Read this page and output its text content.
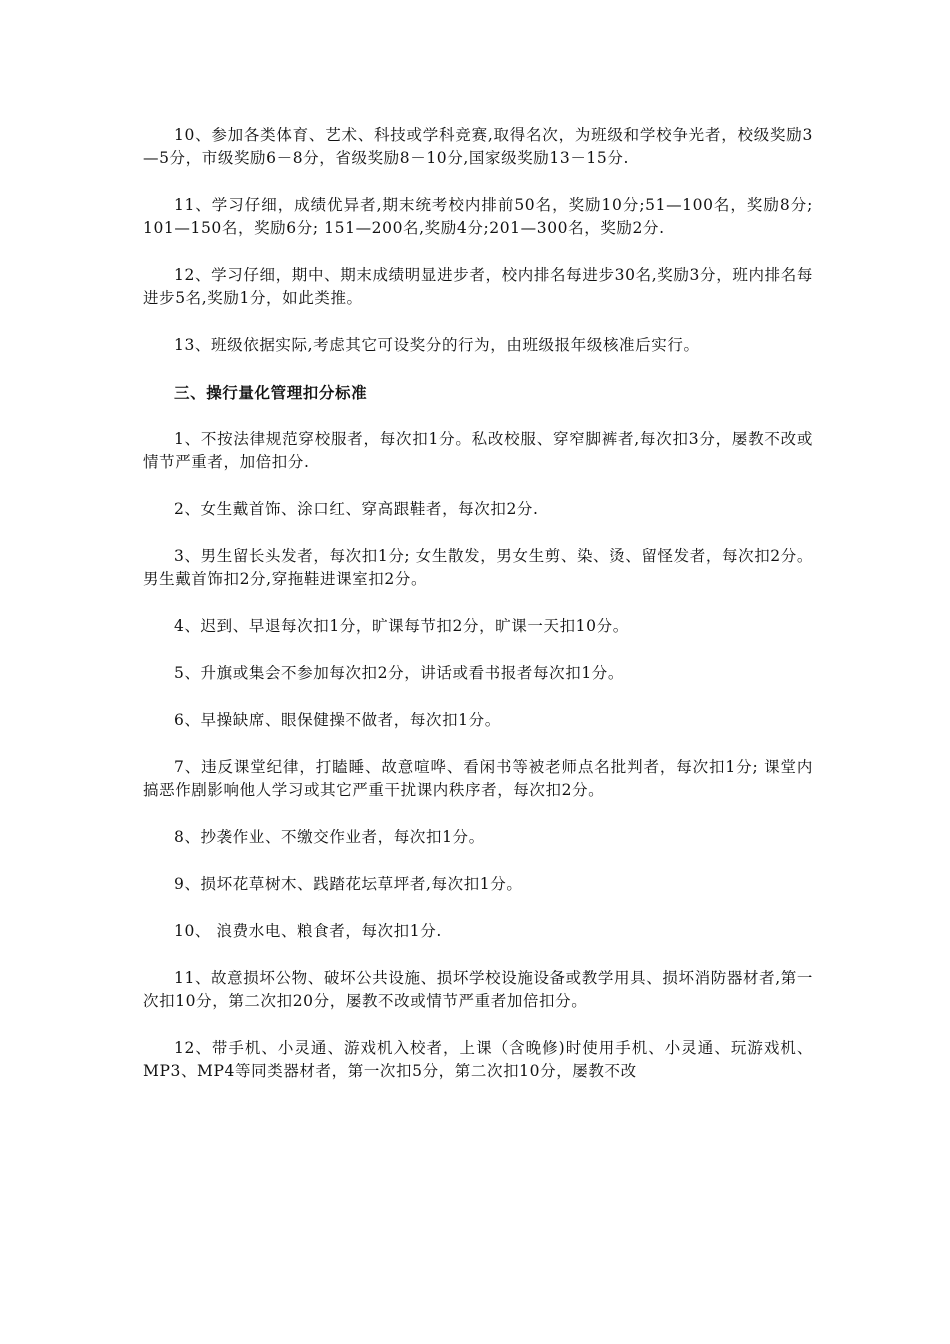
10、参加各类体育、艺术、科技或学科竞赛,取得名次，为班级和学校争光者，校级奖励3—5分，市级奖励6－8分，省级奖励8－10分,国家级奖励13－15分.

11、学习仔细，成绩优异者,期末统考校内排前50名，奖励10分;51—100名，奖励8分; 101—150名，奖励6分; 151—200名,奖励4分;201—300名，奖励2分.

12、学习仔细，期中、期末成绩明显进步者，校内排名每进步30名,奖励3分，班内排名每进步5名,奖励1分，如此类推。

13、班级依据实际,考虑其它可设奖分的行为，由班级报年级核准后实行。

三、操行量化管理扣分标准

1、不按法律规范穿校服者，每次扣1分。私改校服、穿窄脚裤者,每次扣3分，屡教不改或情节严重者，加倍扣分.

2、女生戴首饰、涂口红、穿高跟鞋者，每次扣2分.

3、男生留长头发者，每次扣1分; 女生散发，男女生剪、染、烫、留怪发者，每次扣2分。男生戴首饰扣2分,穿拖鞋进课室扣2分。

4、迟到、早退每次扣1分，旷课每节扣2分，旷课一天扣10分。

5、升旗或集会不参加每次扣2分，讲话或看书报者每次扣1分。

6、早操缺席、眼保健操不做者，每次扣1分。

7、违反课堂纪律，打瞌睡、故意喧哗、看闲书等被老师点名批判者，每次扣1分; 课堂内搞恶作剧影响他人学习或其它严重干扰课内秩序者，每次扣2分。

8、抄袭作业、不缴交作业者，每次扣1分。

9、损坏花草树木、践踏花坛草坪者,每次扣1分。

10、 浪费水电、粮食者，每次扣1分.

11、故意损坏公物、破坏公共设施、损坏学校设施设备或教学用具、损坏消防器材者,第一次扣10分，第二次扣20分，屡教不改或情节严重者加倍扣分。

12、带手机、小灵通、游戏机入校者，上课（含晚修)时使用手机、小灵通、玩游戏机、MP3、MP4等同类器材者，第一次扣5分，第二次扣10分，屡教不改
